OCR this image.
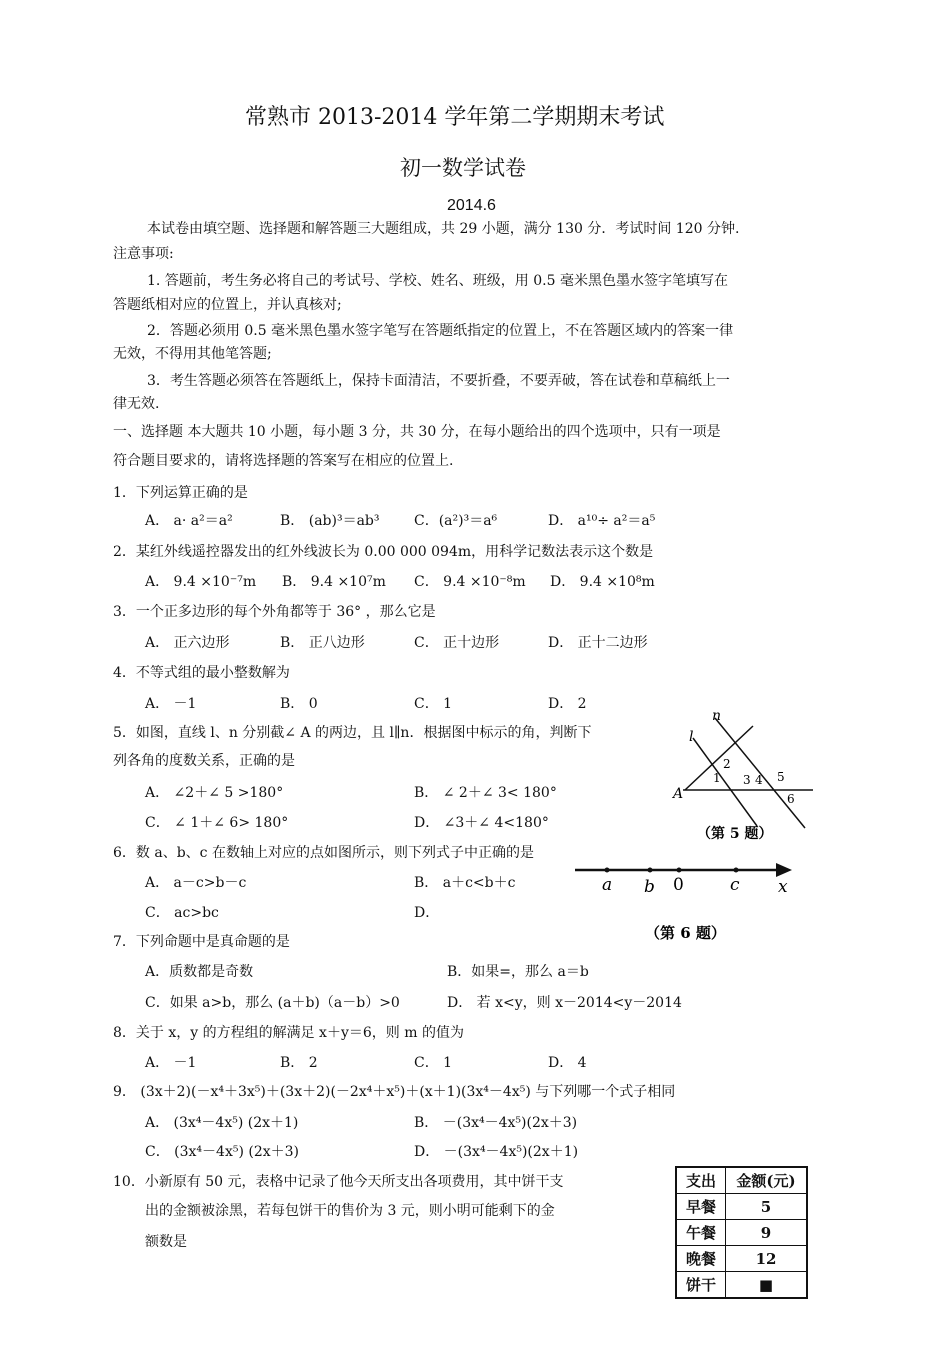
常熟市 2013-2014 学年第二学期期末考试
初一数学试卷
2014.6
本试卷由填空题、选择题和解答题三大题组成，共 29 小题，满分 130 分．考试时间 120 分钟.
注意事项:
1. 答题前，考生务必将自己的考试号、学校、姓名、班级，用 0.5 毫米黑色墨水签字笔填写在
答题纸相对应的位置上，并认真核对;
2．答题必须用 0.5 毫米黑色墨水签字笔写在答题纸指定的位置上，不在答题区域内的答案一律
无效，不得用其他笔答题;
3．考生答题必须答在答题纸上，保持卡面清洁，不要折叠，不要弄破，答在试卷和草稿纸上一
律无效.
一、选择题 本大题共 10 小题，每小题 3 分，共 30 分，在每小题给出的四个选项中，只有一项是
符合题目要求的，请将选择题的答案写在相应的位置上.
1．下列运算正确的是
A． a· a²＝a²	B． (ab)³＝ab³ C．(a²)³＝a⁶	D． a¹⁰÷ a²＝a⁵
2．某红外线遥控器发出的红外线波长为 0.00 000 094m，用科学记数法表示这个数是
A． 9.4 ×10⁻⁷m B． 9.4 ×10⁷m C． 9.4 ×10⁻⁸m D． 9.4 ×10⁸m
3．一个正多边形的每个外角都等于 36° ，那么它是
A． 正六边形	B． 正八边形	C． 正十边形	D． 正十二边形
4．不等式组的最小整数解为
A． －1	B． 0	C． 1	D． 2
5．如图，直线 l、n 分别截∠ A 的两边，且 l∥n．根据图中标示的角，判断下
列各角的度数关系，正确的是
A． ∠2＋∠ 5 >180°	B． ∠ 2＋∠ 3< 180°
C． ∠ 1＋∠ 6> 180°	D． ∠3＋∠ 4<180°
n
l
A
1
2
3 4 5
6
（第 5 题）
6．数 a、b、c 在数轴上对应的点如图所示，则下列式子中正确的是
A． a－c>b－c	B． a＋c<b＋c
C． ac>bc	D．
a b 0	c x
（第 6 题）
7．下列命题中是真命题的是
A．质数都是奇数	B．如果=，那么 a＝b
C．如果 a>b，那么 (a＋b)（a－b）>0	D． 若 x<y，则 x－2014<y－2014
8．关于 x，y 的方程组的解满足 x＋y＝6，则 m 的值为
A． －1	B． 2	C． 1	D． 4
9． (3x＋2)(－x⁴＋3x⁵)＋(3x＋2)(－2x⁴＋x⁵)＋(x＋1)(3x⁴－4x⁵) 与下列哪一个式子相同
A． (3x⁴－4x⁵) (2x＋1)	B． －(3x⁴－4x⁵)(2x＋3)
C． (3x⁴－4x⁵) (2x＋3)	D． －(3x⁴－4x⁵)(2x＋1)
10．小新原有 50 元，表格中记录了他今天所支出各项费用，其中饼干支
出的金额被涂黑，若每包饼干的售价为 3 元，则小明可能剩下的金
额数是
支出	金额(元)
早餐	5
午餐	9
晚餐	12
饼干	■
